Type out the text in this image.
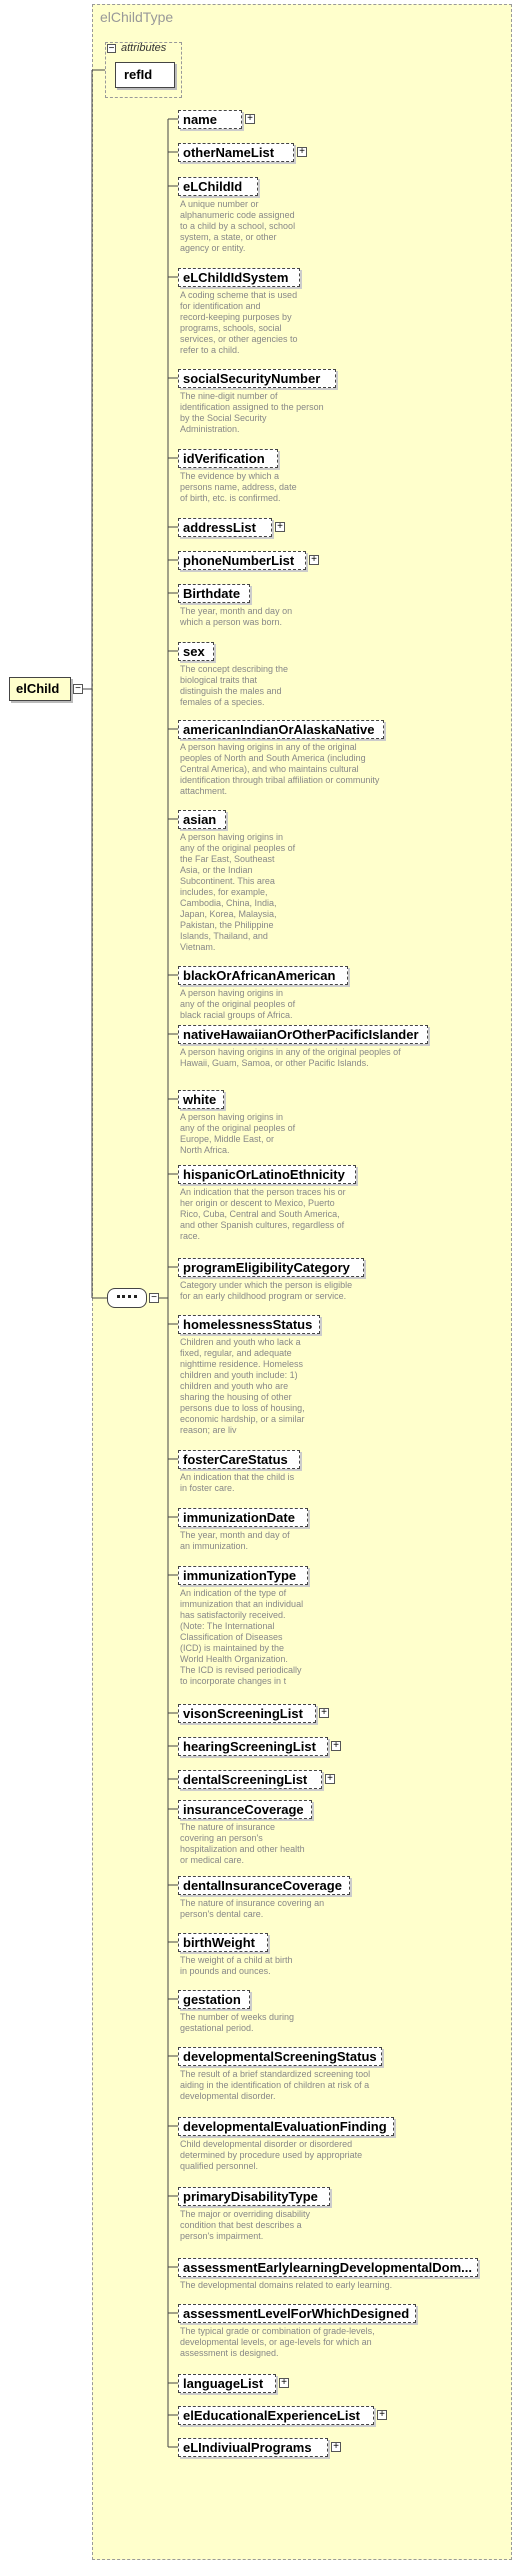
elChildType
− attributes
refId
elChild	−
−
name	+
otherNameList	+
eLChildId
A unique number or
alphanumeric code assigned
to a child by a school, school
system, a state, or other
agency or entity.
eLChildIdSystem
A coding scheme that is used
for identification and
record-keeping purposes by
programs, schools, social
services, or other agencies to
refer to a child.
socialSecurityNumber
The nine-digit number of
identification assigned to the person
by the Social Security
Administration.
idVerification
The evidence by which a
persons name, address, date
of birth, etc. is confirmed.
addressList	+
phoneNumberList	+
Birthdate
The year, month and day on
which a person was born.
sex
The concept describing the
biological traits that
distinguish the males and
females of a species.
americanIndianOrAlaskaNative
A person having origins in any of the original
peoples of North and South America (including
Central America), and who maintains cultural
identification through tribal affiliation or community
attachment.
asian
A person having origins in
any of the original peoples of
the Far East, Southeast
Asia, or the Indian
Subcontinent. This area
includes, for example,
Cambodia, China, India,
Japan, Korea, Malaysia,
Pakistan, the Philippine
Islands, Thailand, and
Vietnam.
blackOrAfricanAmerican
A person having origins in
any of the original peoples of
black racial groups of Africa.
nativeHawaiianOrOtherPacificIslander
A person having origins in any of the original peoples of
Hawaii, Guam, Samoa, or other Pacific Islands.
white
A person having origins in
any of the original peoples of
Europe, Middle East, or
North Africa.
hispanicOrLatinoEthnicity
An indication that the person traces his or
her origin or descent to Mexico, Puerto
Rico, Cuba, Central and South America,
and other Spanish cultures, regardless of
race.
programEligibilityCategory
Category under which the person is eligible
for an early childhood program or service.
homelessnessStatus
Children and youth who lack a
fixed, regular, and adequate
nighttime residence. Homeless
children and youth include: 1)
children and youth who are
sharing the housing of other
persons due to loss of housing,
economic hardship, or a similar
reason; are liv
fosterCareStatus
An indication that the child is
in foster care.
immunizationDate
The year, month and day of
an immunization.
immunizationType
An indication of the type of
immunization that an individual
has satisfactorily received.
(Note: The International
Classification of Diseases
(ICD) is maintained by the
World Health Organization.
The ICD is revised periodically
to incorporate changes in t
visonScreeningList	+
hearingScreeningList	+
dentalScreeningList	+
insuranceCoverage
The nature of insurance
covering an person's
hospitalization and other health
or medical care.
dentalInsuranceCoverage
The nature of insurance covering an
person's dental care.
birthWeight
The weight of a child at birth
in pounds and ounces.
gestation
The number of weeks during
gestational period.
developmentalScreeningStatus
The result of a brief standardized screening tool
aiding in the identification of children at risk of a
developmental disorder.
developmentalEvaluationFinding
Child developmental disorder or disordered
determined by procedure used by appropriate
qualified personnel.
primaryDisabilityType
The major or overriding disability
condition that best describes a
person's impairment.
assessmentEarlylearningDevelopmentalDom...
The developmental domains related to early learning.
assessmentLevelForWhichDesigned
The typical grade or combination of grade-levels,
developmental levels, or age-levels for which an
assessment is designed.
languageList	+
elEducationalExperienceList	+
eLIndiviualPrograms	+
